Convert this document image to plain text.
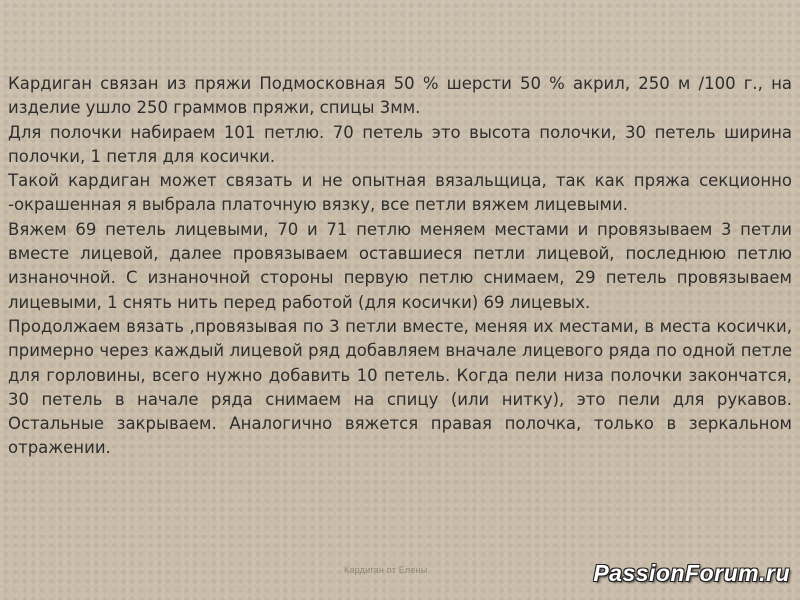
Кардиган связан из пряжи Подмосковная 50 % шерсти 50 % акрил, 250 м /100 г., на изделие ушло 250 граммов пряжи, спицы 3мм.

Для полочки набираем 101 петлю. 70 петель это высота полочки, 30 петель ширина полочки, 1 петля для косички.

Такой кардиган может связать и не опытная вязальщица, так как пряжа секционно -окрашенная я выбрала платочную вязку, все петли вяжем лицевыми.

Вяжем 69 петель лицевыми, 70 и 71 петлю меняем местами и провязываем 3 петли вместе лицевой, далее провязываем оставшиеся петли лицевой, последнюю петлю изнаночной. С изнаночной стороны первую петлю снимаем, 29 петель провязываем лицевыми, 1 снять нить перед работой (для косички) 69 лицевых.

Продолжаем вязать ,провязывая по 3 петли вместе, меняя их местами, в места косички, примерно через каждый лицевой ряд добавляем вначале лицевого ряда по одной петле для горловины, всего нужно добавить 10 петель. Когда пели низа полочки закончатся, 30 петель в начале ряда снимаем на спицу (или нитку), это пели для рукавов. Остальные закрываем. Аналогично вяжется правая полочка, только в зеркальном отражении.

Кардиган от Елены	PassionForum.ru
